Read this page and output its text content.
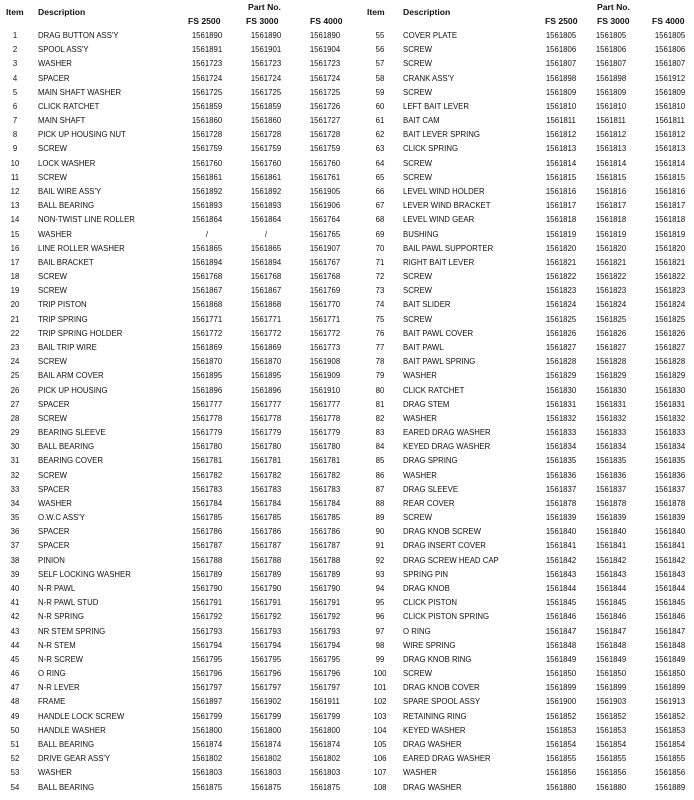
Item Description	Part No.
FS 2500	FS 3000	FS 4000
1	DRAG BUTTON ASS'Y	1561890	1561890	1561890
2	SPOOL ASS'Y	1561891	1561901	1561904
3	WASHER	1561723	1561723	1561723
4	SPACER	1561724	1561724	1561724
5	MAIN SHAFT WASHER	1561725	1561725	1561725
6	CLICK RATCHET	1561859	1561859	1561726
7	MAIN SHAFT	1561860	1561860	1561727
8	PICK UP HOUSING NUT	1561728	1561728	1561728
9	SCREW	1561759	1561759	1561759
10	LOCK WASHER	1561760	1561760	1561760
11	SCREW	1561861	1561861	1561761
12	BAIL WIRE ASS'Y	1561892	1561892	1561905
13	BALL BEARING	1561893	1561893	1561906
14	NON-TWIST LINE ROLLER	1561864	1561864	1561764
15	WASHER	/	/	1561765
16	LINE ROLLER WASHER	1561865	1561865	1561907
17	BAIL BRACKET	1561894	1561894	1561767
18	SCREW	1561768	1561768	1561768
19	SCREW	1561867	1561867	1561769
20	TRIP PISTON	1561868	1561868	1561770
21	TRIP SPRING	1561771	1561771	1561771
22	TRIP SPRING HOLDER	1561772	1561772	1561772
23	BAIL TRIP WIRE	1561869	1561869	1561773
24	SCREW	1561870	1561870	1561908
25	BAIL ARM COVER	1561895	1561895	1561909
26	PICK UP HOUSING	1561896	1561896	1561910
27	SPACER	1561777	1561777	1561777
28	SCREW	1561778	1561778	1561778
29	BEARING SLEEVE	1561779	1561779	1561779
30	BALL BEARING	1561780	1561780	1561780
31	BEARING COVER	1561781	1561781	1561781
32	SCREW	1561782	1561782	1561782
33	SPACER	1561783	1561783	1561783
34	WASHER	1561784	1561784	1561784
35	O.W.C ASS'Y	1561785	1561785	1561785
36	SPACER	1561786	1561786	1561786
37	SPACER	1561787	1561787	1561787
38	PINION	1561788	1561788	1561788
39	SELF LOCKING WASHER	1561789	1561789	1561789
40	N-R PAWL	1561790	1561790	1561790
41	N-R PAWL STUD	1561791	1561791	1561791
42	N-R SPRING	1561792	1561792	1561792
43	NR STEM SPRING	1561793	1561793	1561793
44	N-R STEM	1561794	1561794	1561794
45	N-R SCREW	1561795	1561795	1561795
46	O RING	1561796	1561796	1561796
47	N-R LEVER	1561797	1561797	1561797
48	FRAME	1561897	1561902	1561911
49	HANDLE LOCK SCREW	1561799	1561799	1561799
50	HANDLE WASHER	1561800	1561800	1561800
51	BALL BEARING	1561874	1561874	1561874
52	DRIVE GEAR ASS'Y	1561802	1561802	1561802
53	WASHER	1561803	1561803	1561803
54	BALL BEARING	1561875	1561875	1561875
Item Description	Part No.
FS 2500 FS 3000	FS 4000
55	COVER PLATE	1561805	1561805	1561805
56	SCREW	1561806	1561806	1561806
57	SCREW	1561807	1561807	1561807
58	CRANK ASS'Y	1561898	1561898	1561912
59	SCREW	1561809	1561809	1561809
60	LEFT BAIT LEVER	1561810	1561810	1561810
61	BAIT CAM	1561811	1561811	1561811
62	BAIT LEVER SPRING	1561812	1561812	1561812
63	CLICK SPRING	1561813	1561813	1561813
64	SCREW	1561814	1561814	1561814
65	SCREW	1561815	1561815	1561815
66	LEVEL WIND HOLDER	1561816	1561816	1561816
67	LEVER WIND BRACKET	1561817	1561817	1561817
68	LEVEL WIND GEAR	1561818	1561818	1561818
69	BUSHING	1561819	1561819	1561819
70	BAIL PAWL SUPPORTER	1561820	1561820	1561820
71	RIGHT BAIT LEVER	1561821	1561821	1561821
72	SCREW	1561822	1561822	1561822
73	SCREW	1561823	1561823	1561823
74	BAIT SLIDER	1561824	1561824	1561824
75	SCREW	1561825	1561825	1561825
76	BAIT PAWL COVER	1561826	1561826	1561826
77	BAIT PAWL	1561827	1561827	1561827
78	BAIT PAWL SPRING	1561828	1561828	1561828
79	WASHER	1561829	1561829	1561829
80	CLICK RATCHET	1561830	1561830	1561830
81	DRAG STEM	1561831	1561831	1561831
82	WASHER	1561832	1561832	1561832
83	EARED DRAG WASHER	1561833	1561833	1561833
84	KEYED DRAG WASHER	1561834	1561834	1561834
85	DRAG SPRING	1561835	1561835	1561835
86	WASHER	1561836	1561836	1561836
87	DRAG SLEEVE	1561837	1561837	1561837
88	REAR COVER	1561878	1561878	1561878
89	SCREW	1561839	1561839	1561839
90	DRAG KNOB SCREW	1561840	1561840	1561840
91	DRAG INSERT COVER	1561841	1561841	1561841
92	DRAG SCREW HEAD CAP	1561842	1561842	1561842
93	SPRING PIN	1561843	1561843	1561843
94	DRAG KNOB	1561844	1561844	1561844
95	CLICK PISTON	1561845	1561845	1561845
96	CLICK PISTON SPRING	1561846	1561846	1561846
97	O RING	1561847	1561847	1561847
98	WIRE SPRING	1561848	1561848	1561848
99	DRAG KNOB RING	1561849	1561849	1561849
100	SCREW	1561850	1561850	1561850
101	DRAG KNOB COVER	1561899	1561899	1561899
102	SPARE SPOOL ASSY	1561900	1561903	1561913
103	RETAINING RING	1561852	1561852	1561852
104	KEYED WASHER	1561853	1561853	1561853
105	DRAG WASHER	1561854	1561854	1561854
106	EARED DRAG WASHER	1561855	1561855	1561855
107	WASHER	1561856	1561856	1561856
108	DRAG WASHER	1561880	1561880	1561889
